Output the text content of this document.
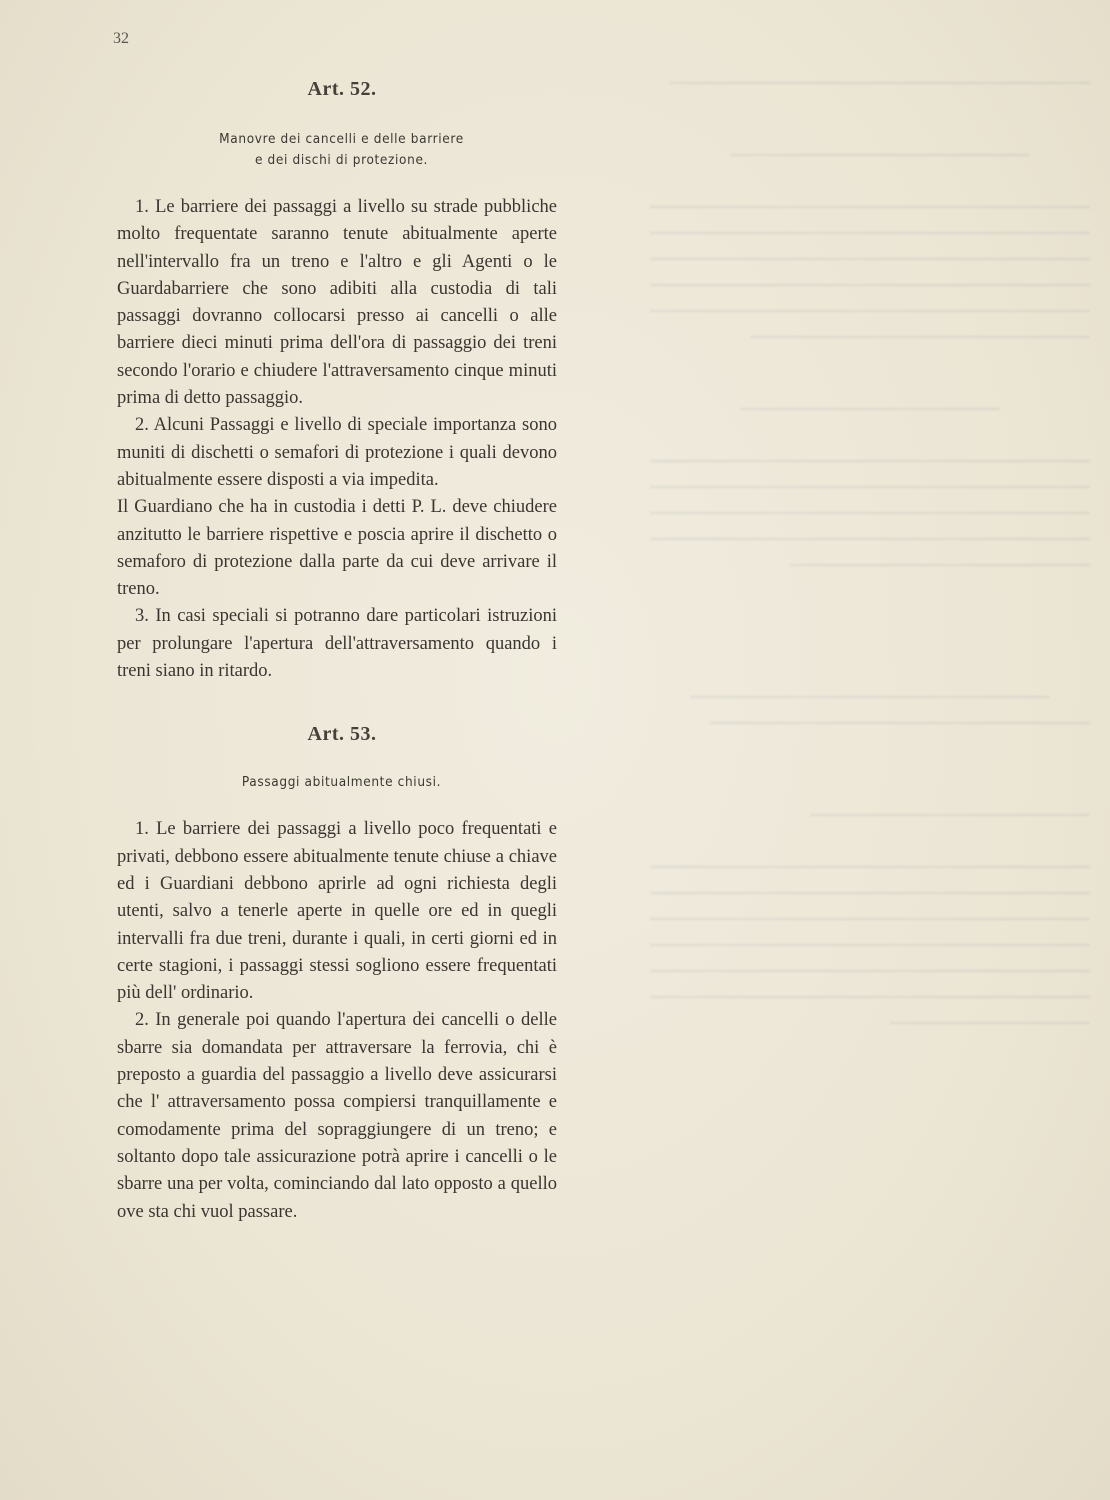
32
Art. 52.

Manovre dei cancelli e delle barriere

e dei dischi di protezione.

1. Le barriere dei passaggi a livello su strade pubbliche molto frequentate saranno tenute abitualmente aperte nell'intervallo fra un treno e l'altro e gli Agenti o le Guardabarriere che sono adibiti alla custodia di tali passaggi dovranno collocarsi presso ai cancelli o alle barriere dieci minuti prima dell'ora di passaggio dei treni secondo l'orario e chiudere l'attraversamento cinque minuti prima di detto passaggio.

2. Alcuni Passaggi e livello di speciale importanza sono muniti di dischetti o semafori di protezione i quali devono abitualmente essere disposti a via impedita.

Il Guardiano che ha in custodia i detti P. L. deve chiudere anzitutto le barriere rispettive e poscia aprire il dischetto o semaforo di protezione dalla parte da cui deve arrivare il treno.

3. In casi speciali si potranno dare particolari istruzioni per prolungare l'apertura dell'attraversamento quando i treni siano in ritardo.

Art. 53.

Passaggi abitualmente chiusi.

1. Le barriere dei passaggi a livello poco frequentati e privati, debbono essere abitualmente tenute chiuse a chiave ed i Guardiani debbono aprirle ad ogni richiesta degli utenti, salvo a tenerle aperte in quelle ore ed in quegli intervalli fra due treni, durante i quali, in certi giorni ed in certe stagioni, i passaggi stessi sogliono essere frequentati più dell' ordinario.

2. In generale poi quando l'apertura dei cancelli o delle sbarre sia domandata per attraversare la ferrovia, chi è preposto a guardia del passaggio a livello deve assicurarsi che l' attraversamento possa compiersi tranquillamente e comodamente prima del sopraggiungere di un treno; e soltanto dopo tale assicurazione potrà aprire i cancelli o le sbarre una per volta, cominciando dal lato opposto a quello ove sta chi vuol passare.
